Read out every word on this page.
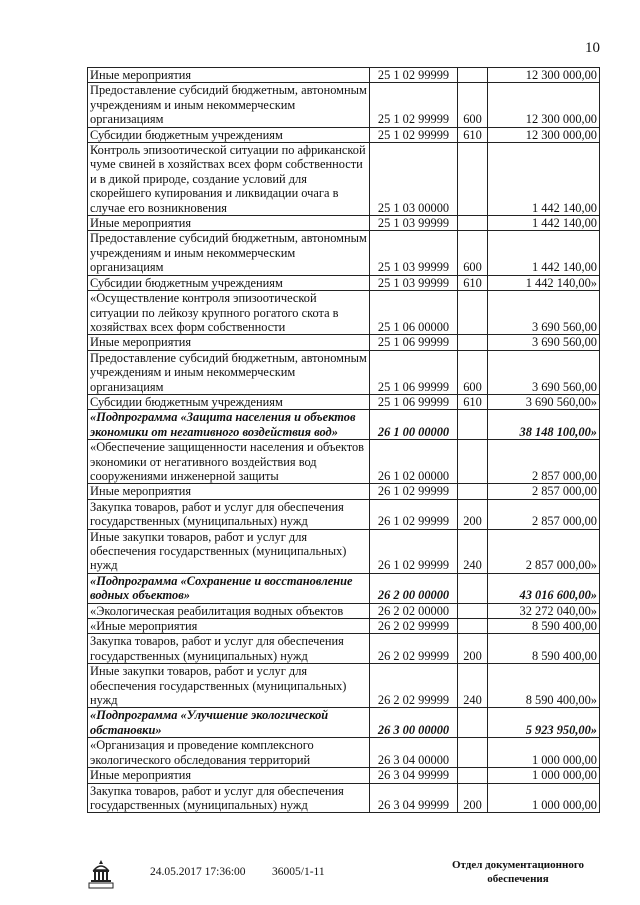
10
Иные мероприятия	25 1 02 99999		12 300 000,00
Предоставление субсидий бюджетным, автономным учреждениям и иным некоммерческим организациям	25 1 02 99999	600	12 300 000,00
Субсидии бюджетным учреждениям	25 1 02 99999	610	12 300 000,00
Контроль эпизоотической ситуации по африканской чуме свиней в хозяйствах всех форм собственности и в дикой природе, создание условий для скорейшего купирования и ликвидации очага в случае его возникновения	25 1 03 00000		1 442 140,00
Иные мероприятия	25 1 03 99999		1 442 140,00
Предоставление субсидий бюджетным, автономным учреждениям и иным некоммерческим организациям	25 1 03 99999	600	1 442 140,00
Субсидии бюджетным учреждениям	25 1 03 99999	610	1 442 140,00»
«Осуществление контроля эпизоотической ситуации по лейкозу крупного рогатого скота в хозяйствах всех форм собственности	25 1 06 00000		3 690 560,00
Иные мероприятия	25 1 06 99999		3 690 560,00
Предоставление субсидий бюджетным, автономным учреждениям и иным некоммерческим организациям	25 1 06 99999	600	3 690 560,00
Субсидии бюджетным учреждениям	25 1 06 99999	610	3 690 560,00»
«Подпрограмма «Защита населения и объектов экономики от негативного воздействия вод»	26 1 00 00000		38 148 100,00»
«Обеспечение защищенности населения и объектов экономики от негативного воздействия вод сооружениями инженерной защиты	26 1 02 00000		2 857 000,00
Иные мероприятия	26 1 02 99999		2 857 000,00
Закупка товаров, работ и услуг для обеспечения государственных (муниципальных) нужд	26 1 02 99999	200	2 857 000,00
Иные закупки товаров, работ и услуг для обеспечения государственных (муниципальных) нужд	26 1 02 99999	240	2 857 000,00»
«Подпрограмма «Сохранение и восстановление водных объектов»	26 2 00 00000		43 016 600,00»
«Экологическая реабилитация водных объектов	26 2 02 00000		32 272 040,00»
«Иные мероприятия	26 2 02 99999		8 590 400,00
Закупка товаров, работ и услуг для обеспечения государственных (муниципальных) нужд	26 2 02 99999	200	8 590 400,00
Иные закупки товаров, работ и услуг для обеспечения государственных (муниципальных) нужд	26 2 02 99999	240	8 590 400,00»
«Подпрограмма «Улучшение экологической обстановки»	26 3 00 00000		5 923 950,00»
«Организация и проведение комплексного экологического обследования территорий	26 3 04 00000		1 000 000,00
Иные мероприятия	26 3 04 99999		1 000 000,00
Закупка товаров, работ и услуг для обеспечения государственных (муниципальных) нужд	26 3 04 99999	200	1 000 000,00
24.05.2017 17:36:00 36005/1-11
Отдел документационного обеспечения
